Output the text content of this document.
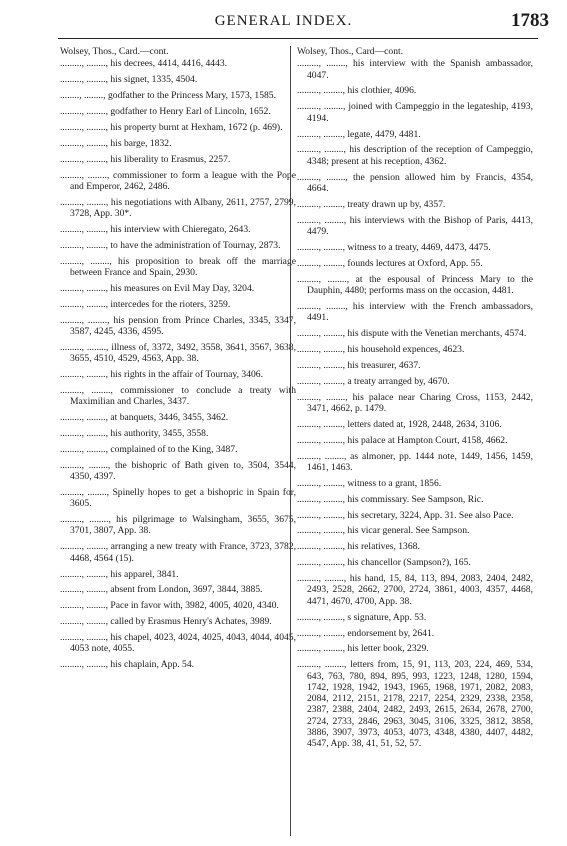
GENERAL INDEX.	1783
Wolsey, Thos., Card.—cont.
........., ........, his decrees, 4414, 4416, 4443.
........., ........, his signet, 1335, 4504.
........, ........, godfather to the Princess Mary, 1573, 1585.
........., ........, godfather to Henry Earl of Lincoln, 1652.
........., ........, his property burnt at Hexham, 1672 (p. 469).
........., ........, his barge, 1832.
........., ........, his liberality to Erasmus, 2257.
........., ........, commissioner to form a league with the Pope and Emperor, 2462, 2486.
........., ........, his negotiations with Albany, 2611, 2757, 2799, 3728, App. 30*.
........., ........, his interview with Chieregato, 2643.
........., ........, to have the administration of Tournay, 2873.
........., ........, his proposition to break off the marriage between France and Spain, 2930.
........., ........, his measures on Evil May Day, 3204.
........., ........, intercedes for the rioters, 3259.
........., ........, his pension from Prince Charles, 3345, 3347, 3587, 4245, 4336, 4595.
........., ........, illness of, 3372, 3492, 3558, 3641, 3567, 3638, 3655, 4510, 4529, 4563, App. 38.
........., ........, his rights in the affair of Tournay, 3406.
........., ........, commissioner to conclude a treaty with Maximilian and Charles, 3437.
........., ........, at banquets, 3446, 3455, 3462.
........., ........, his authority, 3455, 3558.
........., ........, complained of to the King, 3487.
........., ........, the bishopric of Bath given to, 3504, 3544, 4350, 4397.
........., ........, Spinelly hopes to get a bishopric in Spain for, 3605.
........., ........, his pilgrimage to Walsingham, 3655, 3675, 3701, 3807, App. 38.
........., ........, arranging a new treaty with France, 3723, 3782, 4468, 4564 (15).
........., ........, his apparel, 3841.
........., ........, absent from London, 3697, 3844, 3885.
........., ........, Pace in favor with, 3982, 4005, 4020, 4340.
........., ........, called by Erasmus Henry's Achates, 3989.
........., ........, his chapel, 4023, 4024, 4025, 4043, 4044, 4045, 4053 note, 4055.
........., ........, his chaplain, App. 54.
Wolsey, Thos., Card—cont.
........., ........, his interview with the Spanish ambassador, 4047.
........., ........, his clothier, 4096.
........., ........, joined with Campeggio in the legateship, 4193, 4194.
........., ........, legate, 4479, 4481.
........., ........, his description of the reception of Campeggio, 4348; present at his reception, 4362.
........., ........, the pension allowed him by Francis, 4354, 4664.
........., ........, treaty drawn up by, 4357.
........., ........, his interviews with the Bishop of Paris, 4413, 4479.
........., ........, witness to a treaty, 4469, 4473, 4475.
........., ........, founds lectures at Oxford, App. 55.
........., ........, at the espousal of Princess Mary to the Dauphin, 4480; performs mass on the occasion, 4481.
........., ........, his interview with the French ambassadors, 4491.
........., ........, his dispute with the Venetian merchants, 4574.
........., ........, his household expences, 4623.
........., ........, his treasurer, 4637.
........., ........, a treaty arranged by, 4670.
........., ........, his palace near Charing Cross, 1153, 2442, 3471, 4662, p. 1479.
........., ........, letters dated at, 1928, 2448, 2634, 3106.
........., ........, his palace at Hampton Court, 4158, 4662.
........., ........, as almoner, pp. 1444 note, 1449, 1456, 1459, 1461, 1463.
........., ........, witness to a grant, 1856.
........., ........, his commissary. See Sampson, Ric.
........., ........, his secretary, 3224, App. 31. See also Pace.
........., ........, his vicar general. See Sampson.
........., ........, his relatives, 1368.
........., ........, his chancellor (Sampson?), 165.
........., ........, his hand, 15, 84, 113, 894, 2083, 2404, 2482, 2493, 2528, 2662, 2700, 2724, 3861, 4003, 4357, 4468, 4471, 4670, 4700, App. 38.
........., ........, s signature, App. 53.
........., ........, endorsement by, 2641.
........., ........, his letter book, 2329.
........., ........, letters from, 15, 91, 113, 203, 224, 469, 534, 643, 763, 780, 894, 895, 993, 1223, 1248, 1280, 1594, 1742, 1928, 1942, 1943, 1965, 1968, 1971, 2082, 2083, 2084, 2112, 2151, 2178, 2217, 2254, 2329, 2338, 2358, 2387, 2388, 2404, 2482, 2493, 2615, 2634, 2678, 2700, 2724, 2733, 2846, 2963, 3045, 3106, 3325, 3812, 3858, 3886, 3907, 3973, 4053, 4073, 4348, 4380, 4407, 4482, 4547, App. 38, 41, 51, 52, 57.
